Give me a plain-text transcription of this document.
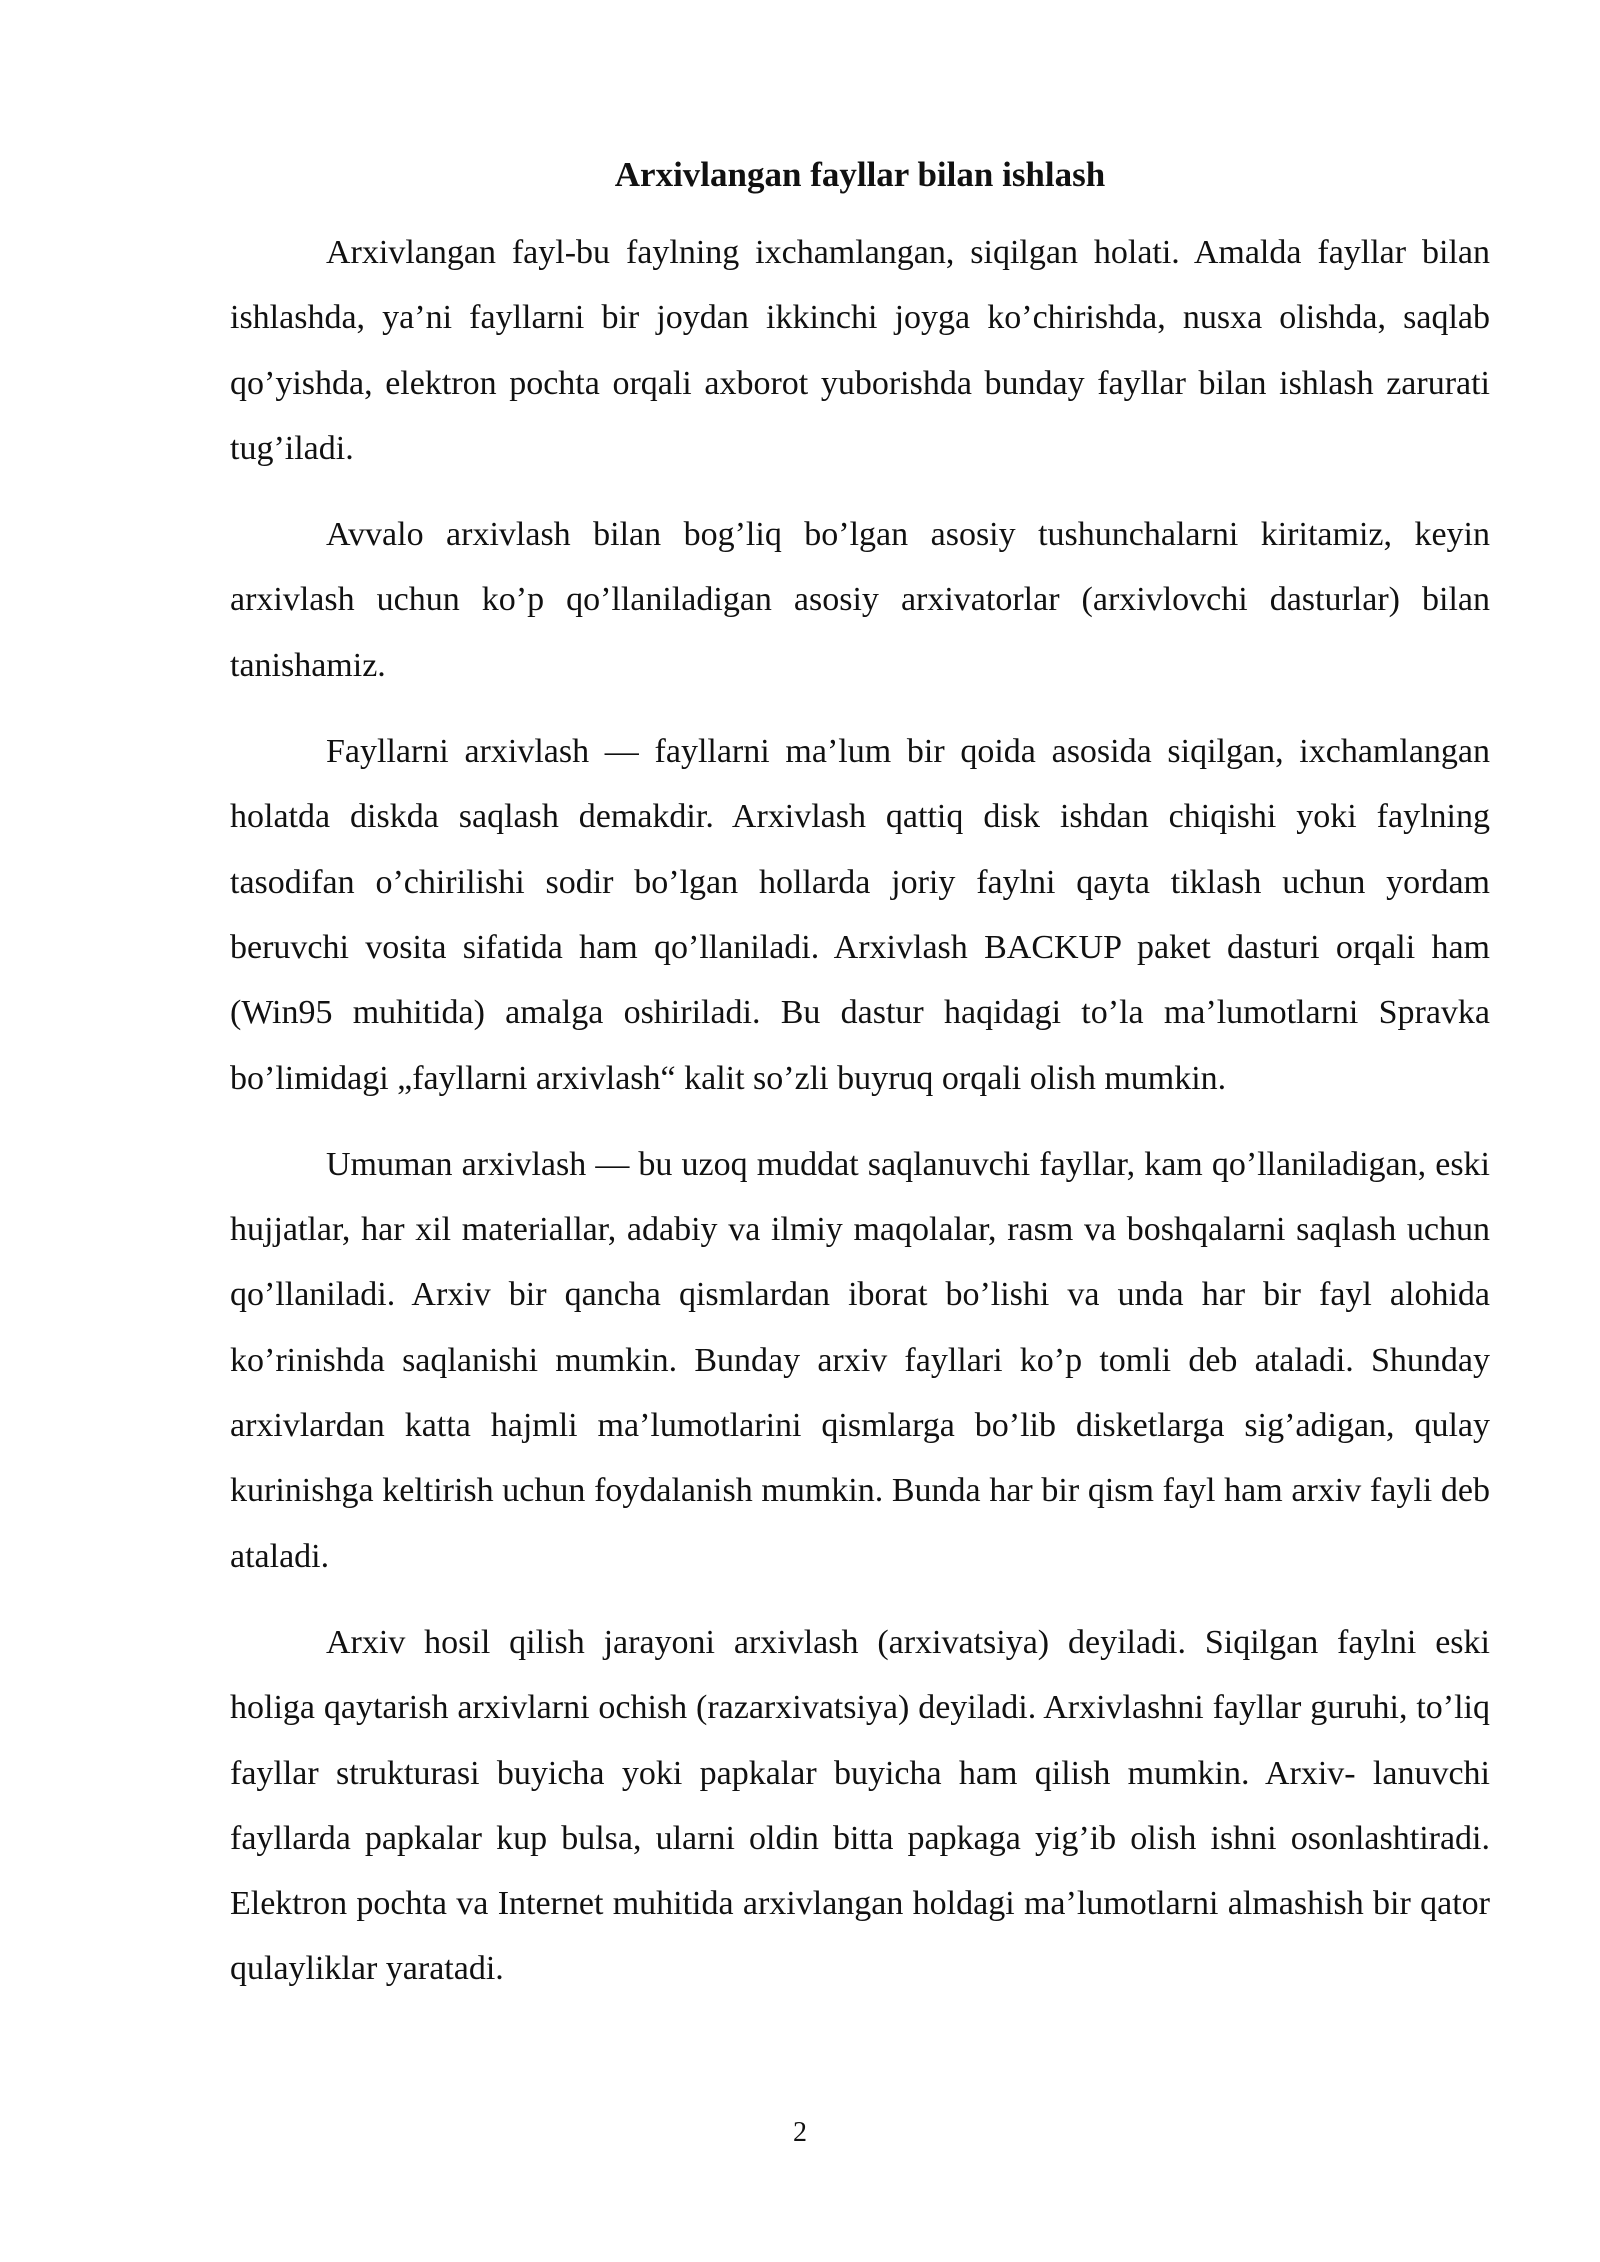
Arxivlangan fayllar bilan ishlash

Arxivlangan fayl-bu faylning ixchamlangan, siqilgan holati. Amalda fayllar bilan ishlashda, ya’ni fayllarni bir joydan ikkinchi joyga ko’chirishda, nusxa olishda, saqlab qo’yishda, elektron pochta orqali axborot yuborishda bunday fayllar bilan ishlash zarurati tug’iladi.

Avvalo arxivlash bilan bog’liq bo’lgan asosiy tushunchalarni kiritamiz, keyin arxivlash uchun ko’p qo’llaniladigan asosiy arxivatorlar (arxivlovchi dasturlar) bilan tanishamiz.

Fayllarni arxivlash — fayllarni ma’lum bir qoida asosida siqilgan, ixchamlangan holatda diskda saqlash demakdir. Arxivlash qattiq disk ishdan chiqishi yoki faylning tasodifan o’chirilishi sodir bo’lgan hollarda joriy faylni qayta tiklash uchun yordam beruvchi vosita sifatida ham qo’llaniladi. Arxivlash BACKUP paket dasturi orqali ham (Win95 muhitida) amalga oshiriladi. Bu dastur haqidagi to’la ma’lumotlarni Spravka bo’limidagi „fayllarni arxivlash“ kalit so’zli buyruq orqali olish mumkin.

Umuman arxivlash — bu uzoq muddat saqlanuvchi fayllar, kam qo’llaniladigan, eski hujjatlar, har xil materiallar, adabiy va ilmiy maqolalar, rasm va boshqalarni saqlash uchun qo’llaniladi. Arxiv bir qancha qismlardan iborat bo’lishi va unda har bir fayl alohida ko’rinishda saqlanishi mumkin. Bunday arxiv fayllari ko’p tomli deb ataladi. Shunday arxivlardan katta hajmli ma’lumotlarini qismlarga bo’lib disketlarga sig’adigan, qulay kurinishga keltirish uchun foydalanish mumkin. Bunda har bir qism fayl ham arxiv fayli deb ataladi.

Arxiv hosil qilish jarayoni arxivlash (arxivatsiya) deyiladi. Siqilgan faylni eski holiga qaytarish arxivlarni ochish (razarxivatsiya) deyiladi. Arxivlashni fayllar guruhi, to’liq fayllar strukturasi buyicha yoki papkalar buyicha ham qilish mumkin. Arxiv- lanuvchi fayllarda papkalar kup bulsa, ularni oldin bitta papkaga yig’ib olish ishni osonlashtiradi. Elektron pochta va Internet muhitida arxivlangan holdagi ma’lumotlarni almashish bir qator qulayliklar yaratadi.

2
